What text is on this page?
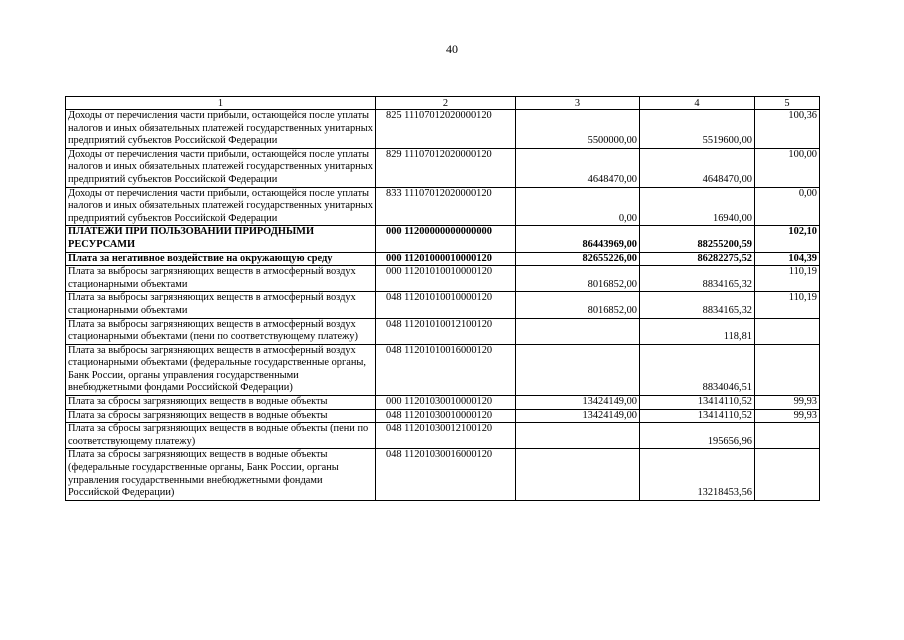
40
1	2	3	4	5
Доходы от перечисления части прибыли, остающейся после уплаты налогов и иных обязательных платежей государственных унитарных предприятий субъектов Российской Федерации	825 11107012020000120	5500000,00	5519600,00	100,36
Доходы от перечисления части прибыли, остающейся после уплаты налогов и иных обязательных платежей государственных унитарных предприятий субъектов Российской Федерации	829 11107012020000120	4648470,00	4648470,00	100,00
Доходы от перечисления части прибыли, остающейся после уплаты налогов и иных обязательных платежей государственных унитарных предприятий субъектов Российской Федерации	833 11107012020000120	0,00	16940,00	0,00
ПЛАТЕЖИ ПРИ ПОЛЬЗОВАНИИ ПРИРОДНЫМИ РЕСУРСАМИ	000 11200000000000000	86443969,00	88255200,59	102,10
Плата за негативное воздействие на окружающую среду	000 11201000010000120	82655226,00	86282275,52	104,39
Плата за выбросы загрязняющих веществ в атмосферный воздух стационарными объектами	000 11201010010000120	8016852,00	8834165,32	110,19
Плата за выбросы загрязняющих веществ в атмосферный воздух стационарными объектами	048 11201010010000120	8016852,00	8834165,32	110,19
Плата за выбросы загрязняющих веществ в атмосферный воздух стационарными объектами (пени по соответствующему платежу)	048 11201010012100120		118,81	
Плата за выбросы загрязняющих веществ в атмосферный воздух стационарными объектами (федеральные государственные органы, Банк России, органы управления государственными внебюджетными фондами Российской Федерации)	048 11201010016000120		8834046,51	
Плата за сбросы загрязняющих веществ в водные объекты	000 11201030010000120	13424149,00	13414110,52	99,93
Плата за сбросы загрязняющих веществ в водные объекты	048 11201030010000120	13424149,00	13414110,52	99,93
Плата за сбросы загрязняющих веществ в водные объекты (пени по соответствующему платежу)	048 11201030012100120		195656,96	
Плата за сбросы загрязняющих веществ в водные объекты (федеральные государственные органы, Банк России, органы управления государственными внебюджетными фондами Российской Федерации)	048 11201030016000120		13218453,56	
